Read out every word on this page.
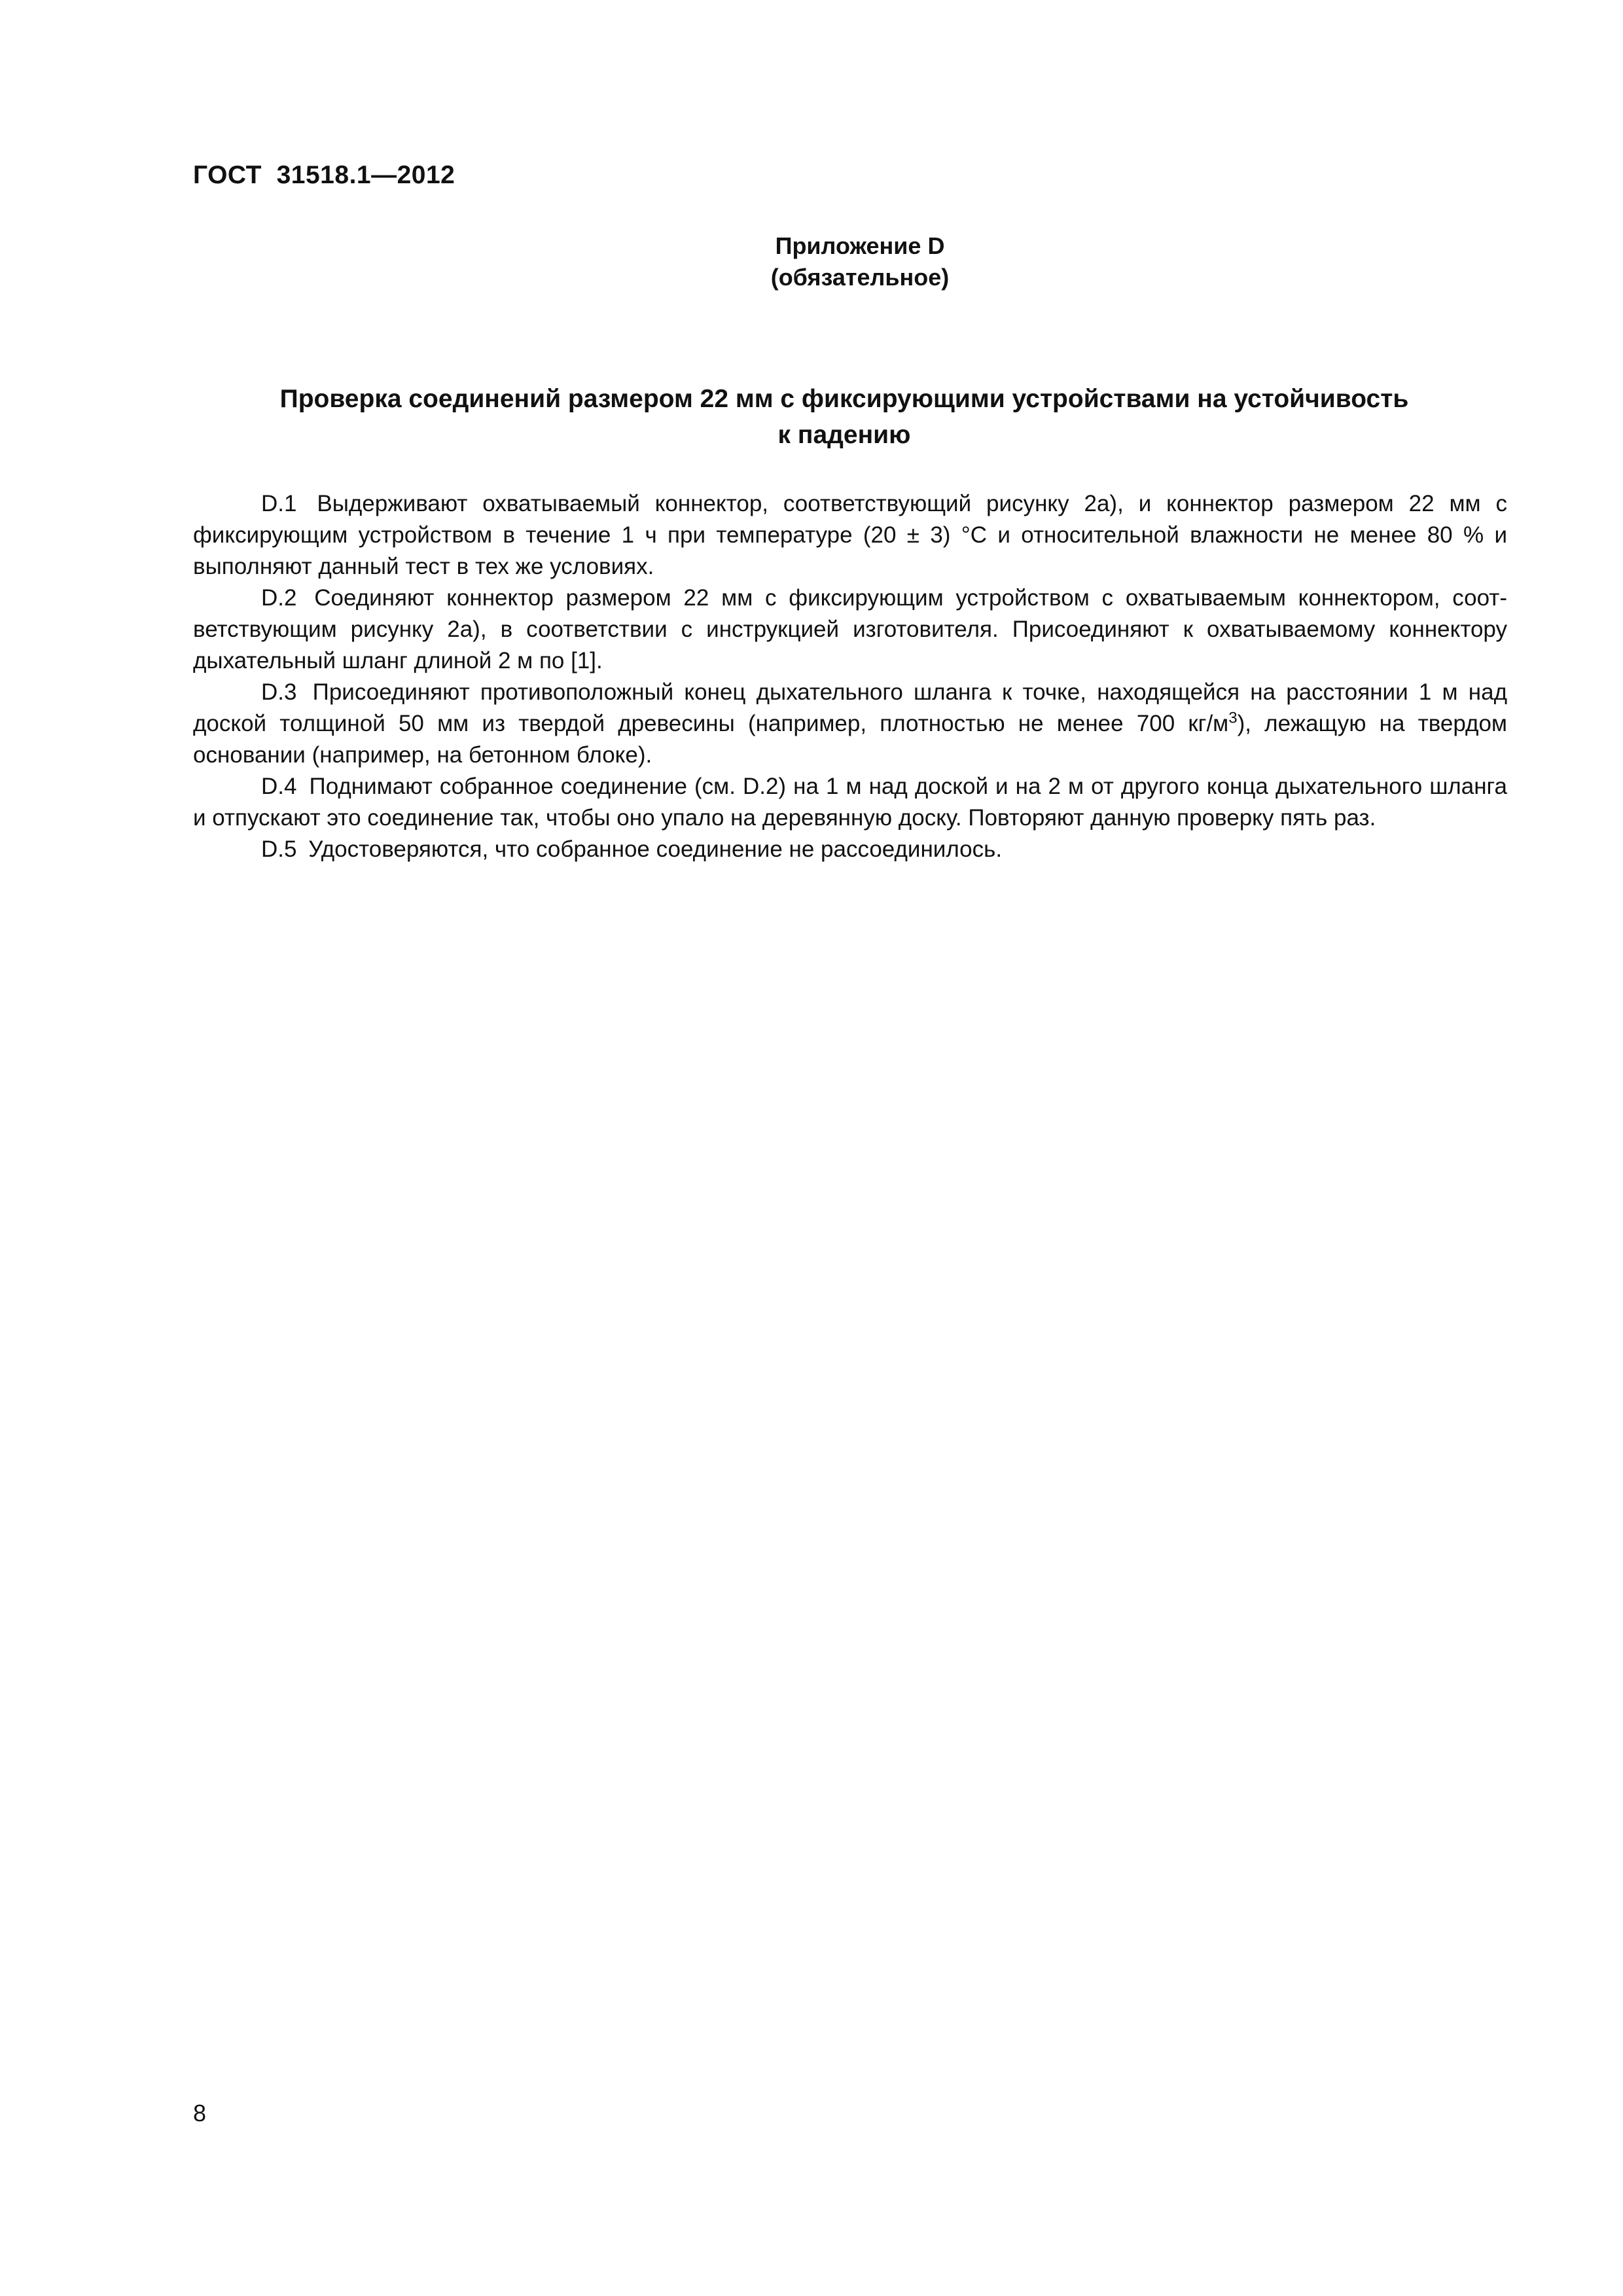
ГОСТ  31518.1—2012
Приложение D
(обязательное)
Проверка соединений размером 22 мм с фиксирующими устройствами на устойчивость
к падению

D.1 Выдерживают охватываемый коннектор, соответствующий рисунку 2а), и коннектор размером 22 мм с фиксирующим устройством в течение 1 ч при температуре (20 ± 3) °С и относительной влажности не менее 80 % и выполняют данный тест в тех же условиях.

D.2 Соединяют коннектор размером 22 мм с фиксирующим устройством с охватываемым коннектором, соответствующим рисунку 2а), в соответствии с инструкцией изготовителя. Присоединяют к охватываемому коннектору дыхательный шланг длиной 2 м по [1].

D.3 Присоединяют противоположный конец дыхательного шланга к точке, находящейся на расстоянии 1 м над доской толщиной 50 мм из твердой древесины (например, плотностью не менее 700 $кг/м^3$), лежащую на твердом основании (например, на бетонном блоке).

D.4 Поднимают собранное соединение (см. D.2) на 1 м над доской и на 2 м от другого конца дыхательного шланга и отпускают это соединение так, чтобы оно упало на деревянную доску. Повторяют данную проверку пять раз.

D.5 Удостоверяются, что собранное соединение не рассоединилось.

8
